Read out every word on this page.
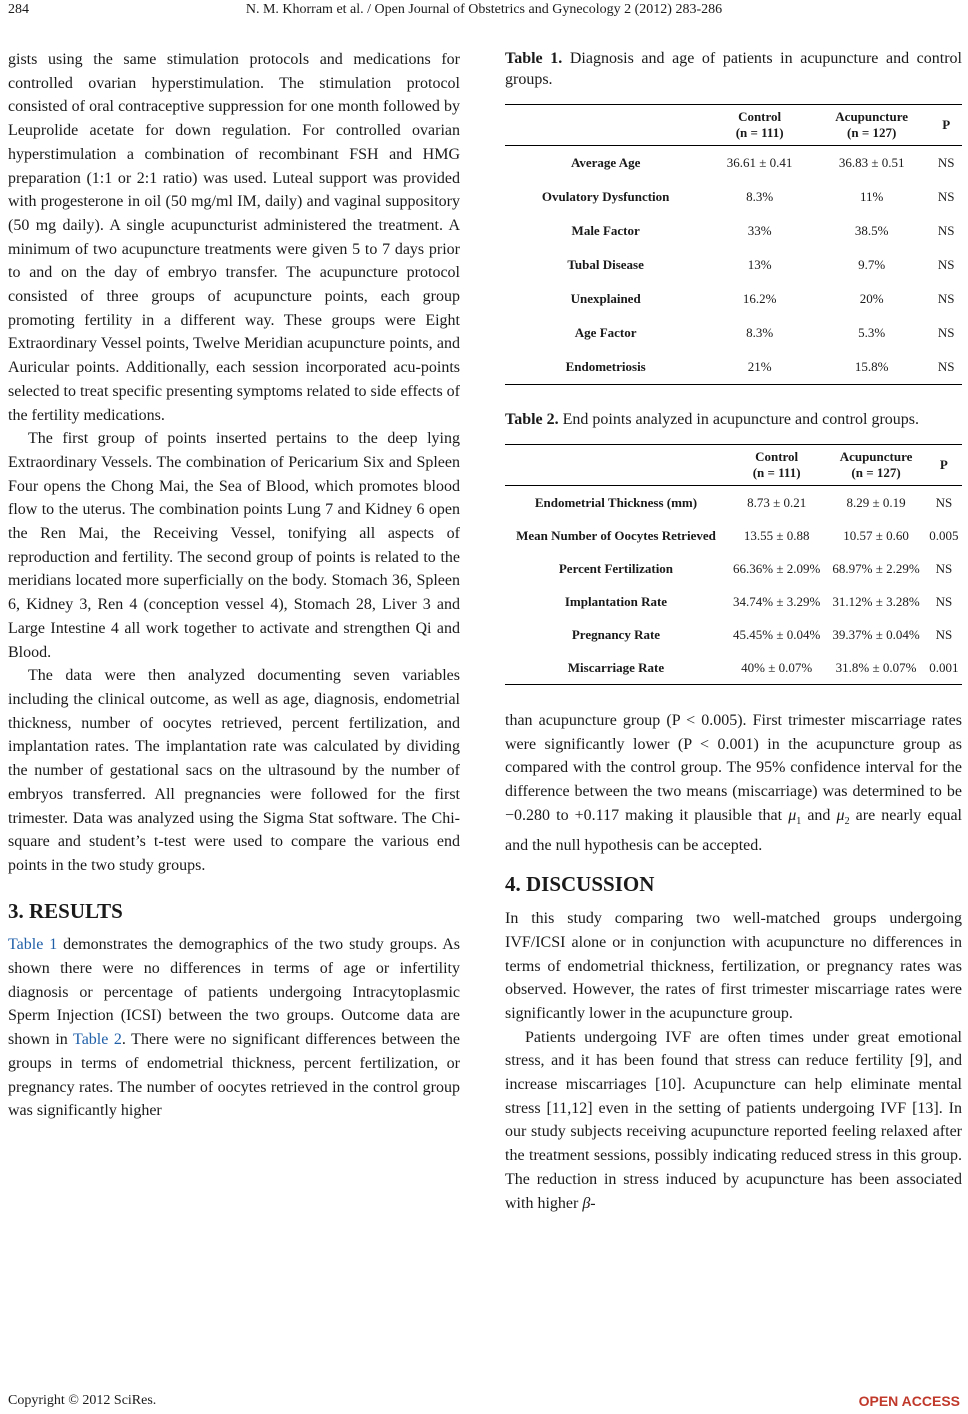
284	N. M. Khorram et al. / Open Journal of Obstetrics and Gynecology 2 (2012) 283-286

gists using the same stimulation protocols and medications for controlled ovarian hyperstimulation. The stimulation protocol consisted of oral contraceptive suppression for one month followed by Leuprolide acetate for down regulation. For controlled ovarian hyperstimulation a combination of recombinant FSH and HMG preparation (1:1 or 2:1 ratio) was used. Luteal support was provided with progesterone in oil (50 mg/ml IM, daily) and vaginal suppository (50 mg daily). A single acupuncturist administered the treatment. A minimum of two acupuncture treatments were given 5 to 7 days prior to and on the day of embryo transfer. The acupuncture protocol consisted of three groups of acupuncture points, each group promoting fertility in a different way. These groups were Eight Extraordinary Vessel points, Twelve Meridian acupuncture points, and Auricular points. Additionally, each session incorporated acu-points selected to treat specific presenting symptoms related to side effects of the fertility medications.

The first group of points inserted pertains to the deep lying Extraordinary Vessels. The combination of Pericarium Six and Spleen Four opens the Chong Mai, the Sea of Blood, which promotes blood flow to the uterus. The combination points Lung 7 and Kidney 6 open the Ren Mai, the Receiving Vessel, tonifying all aspects of reproduction and fertility. The second group of points is related to the meridians located more superficially on the body. Stomach 36, Spleen 6, Kidney 3, Ren 4 (conception vessel 4), Stomach 28, Liver 3 and Large Intestine 4 all work together to activate and strengthen Qi and Blood.

The data were then analyzed documenting seven variables including the clinical outcome, as well as age, diagnosis, endometrial thickness, number of oocytes retrieved, percent fertilization, and implantation rates. The implantation rate was calculated by dividing the number of gestational sacs on the ultrasound by the number of embryos transferred. All pregnancies were followed for the first trimester. Data was analyzed using the Sigma Stat software. The Chi-square and student’s t-test were used to compare the various end points in the two study groups.

3. RESULTS

Table 1 demonstrates the demographics of the two study groups. As shown there were no differences in terms of age or infertility diagnosis or percentage of patients undergoing Intracytoplasmic Sperm Injection (ICSI) between the two groups. Outcome data are shown in Table 2. There were no significant differences between the groups in terms of endometrial thickness, percent fertilization, or pregnancy rates. The number of oocytes retrieved in the control group was significantly higher

Table 1. Diagnosis and age of patients in acupuncture and control groups.

	Control
(n = 111)	Acupuncture
(n = 127)	P
Average Age	36.61 ± 0.41	36.83 ± 0.51	NS
Ovulatory Dysfunction	8.3%	11%	NS
Male Factor	33%	38.5%	NS
Tubal Disease	13%	9.7%	NS
Unexplained	16.2%	20%	NS
Age Factor	8.3%	5.3%	NS
Endometriosis	21%	15.8%	NS

Table 2. End points analyzed in acupuncture and control groups.

	Control
(n = 111)	Acupuncture
(n = 127)	P
Endometrial Thickness (mm)	8.73 ± 0.21	8.29 ± 0.19	NS
Mean Number of Oocytes Retrieved	13.55 ± 0.88	10.57 ± 0.60	0.005
Percent Fertilization	66.36% ± 2.09%	68.97% ± 2.29%	NS
Implantation Rate	34.74% ± 3.29%	31.12% ± 3.28%	NS
Pregnancy Rate	45.45% ± 0.04%	39.37% ± 0.04%	NS
Miscarriage Rate	40% ± 0.07%	31.8% ± 0.07%	0.001

than acupuncture group (P < 0.005). First trimester miscarriage rates were significantly lower (P < 0.001) in the acupuncture group as compared with the control group. The 95% confidence interval for the difference between the two means (miscarriage) was determined to be −0.280 to +0.117 making it plausible that $\mu_1$ and $\mu_2$ are nearly equal and the null hypothesis can be accepted.

4. DISCUSSION

In this study comparing two well-matched groups undergoing IVF/ICSI alone or in conjunction with acupuncture no differences in terms of endometrial thickness, fertilization, or pregnancy rates was observed. However, the rates of first trimester miscarriage rates were significantly lower in the acupuncture group.

Patients undergoing IVF are often times under great emotional stress, and it has been found that stress can reduce fertility [9], and increase miscarriages [10]. Acupuncture can help eliminate mental stress [11,12] even in the setting of patients undergoing IVF [13]. In our study subjects receiving acupuncture reported feeling relaxed after the treatment sessions, possibly indicating reduced stress in this group. The reduction in stress induced by acupuncture has been associated with higher β-

Copyright © 2012 SciRes.	OPEN ACCESS
